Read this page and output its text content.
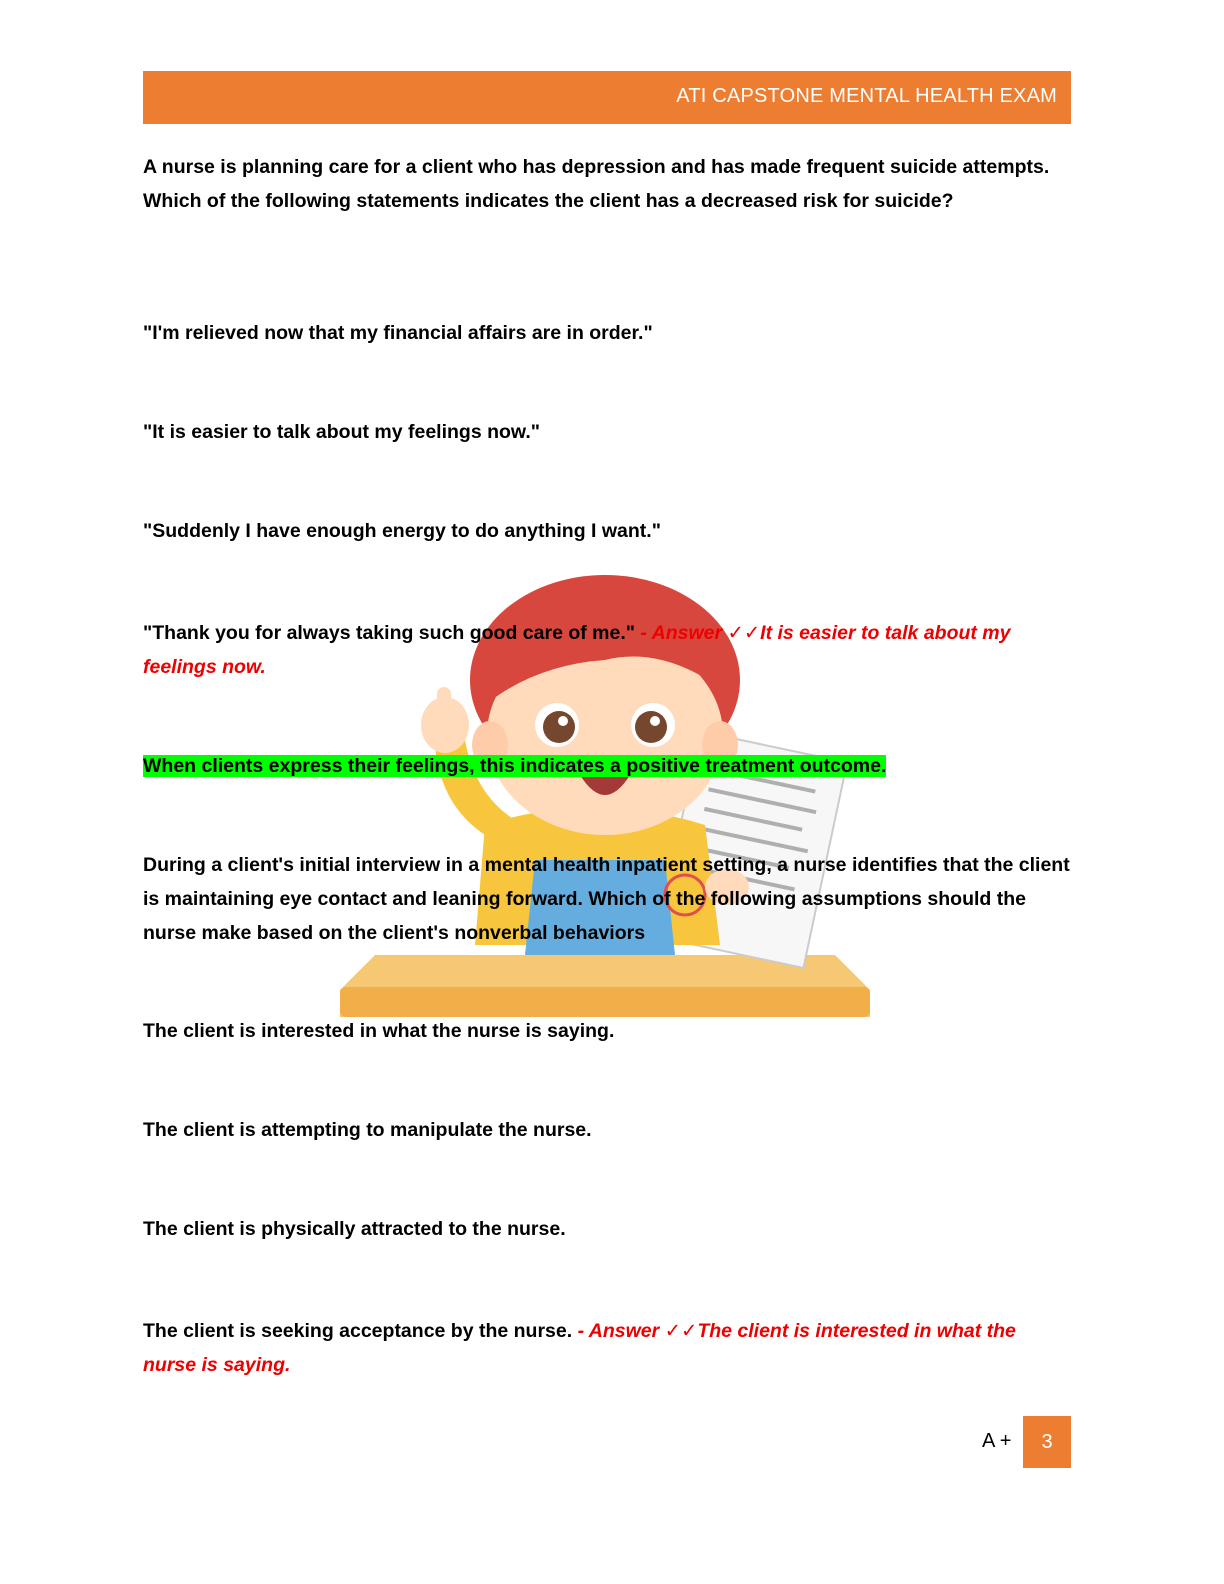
ATI CAPSTONE MENTAL HEALTH EXAM

A nurse is planning care for a client who has depression and has made frequent suicide attempts. Which of the following statements indicates the client has a decreased risk for suicide?

"I'm relieved now that my financial affairs are in order."

"It is easier to talk about my feelings now."

"Suddenly I have enough energy to do anything I want."

"Thank you for always taking such good care of me." - Answer ✓✓It is easier to talk about my feelings now.

When clients express their feelings, this indicates a positive treatment outcome.

During a client's initial interview in a mental health inpatient setting, a nurse identifies that the client is maintaining eye contact and leaning forward. Which of the following assumptions should the nurse make based on the client's nonverbal behaviors

The client is interested in what the nurse is saying.

The client is attempting to manipulate the nurse.

The client is physically attracted to the nurse.

The client is seeking acceptance by the nurse. - Answer ✓✓The client is interested in what the nurse is saying.

A +	3
